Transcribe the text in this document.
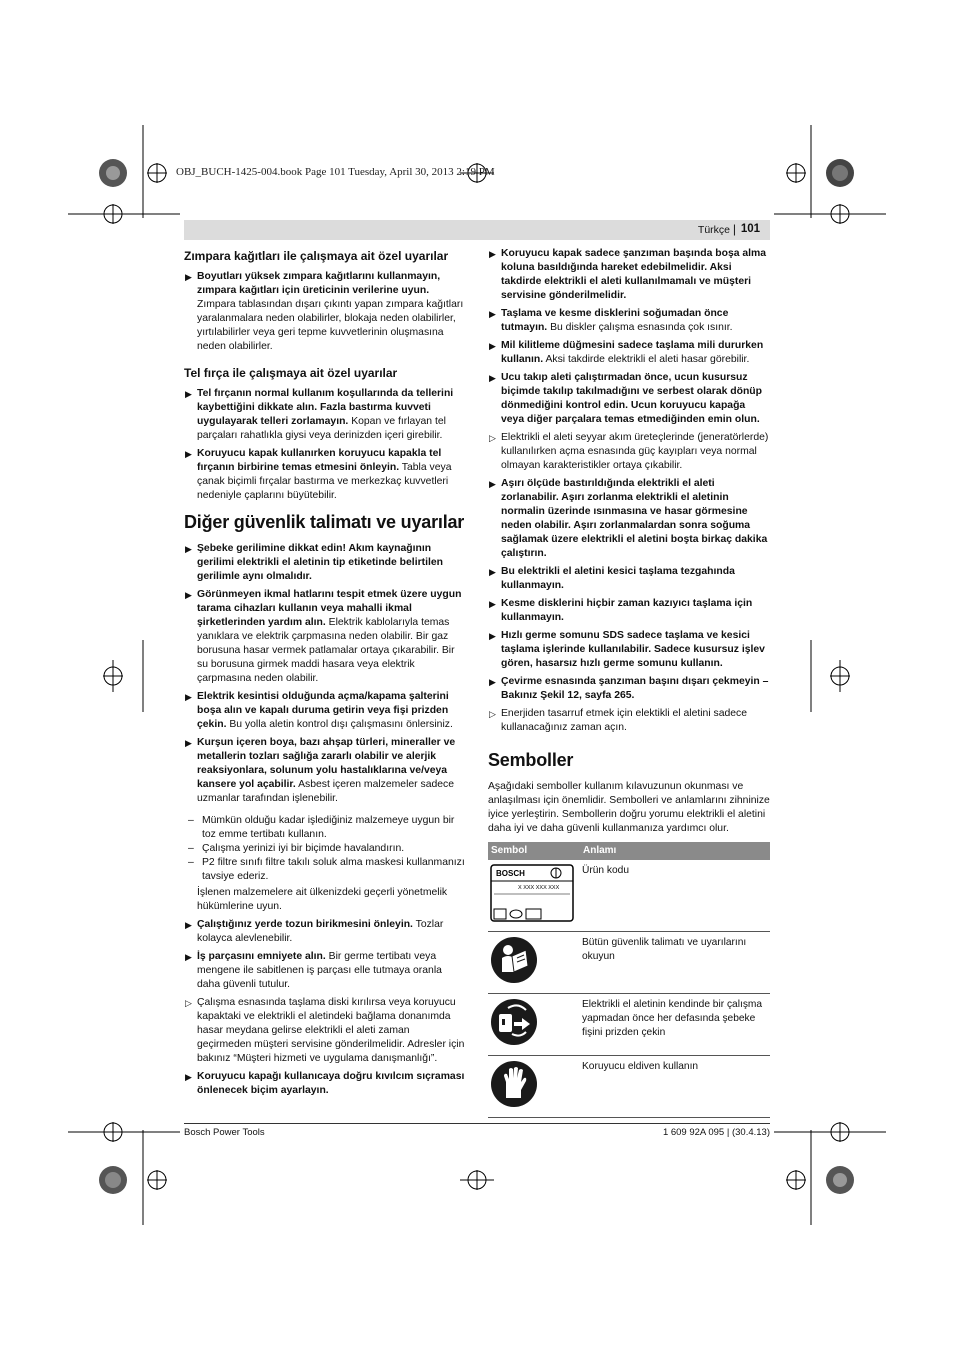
OBJ_BUCH-1425-004.book Page 101 Tuesday, April 30, 2013 2:19 PM
Türkçe | 101

Zımpara kağıtları ile çalışmaya ait özel uyarılar

▶ Boyutları yüksek zımpara kağıtlarını kullanmayın, zımpara kağıtları için üreticinin verilerine uyun. Zımpara tablasından dışarı çıkıntı yapan zımpara kağıtları yaralanmalara neden olabilirler, blokaja neden olabilirler, yırtılabilirler veya geri tepme kuvvetlerinin oluşmasına neden olabilirler.

Tel fırça ile çalışmaya ait özel uyarılar

▶ Tel fırçanın normal kullanım koşullarında da tellerini kaybettiğini dikkate alın. Fazla bastırma kuvveti uygulayarak telleri zorlamayın. Kopan ve fırlayan tel parçaları rahatlıkla giysi veya derinizden içeri girebilir.

▶ Koruyucu kapak kullanırken koruyucu kapakla tel fırçanın birbirine temas etmesini önleyin. Tabla veya çanak biçimli fırçalar bastırma ve merkezkaç kuvvetleri nedeniyle çaplarını büyütebilir.

Diğer güvenlik talimatı ve uyarılar

▶ Şebeke gerilimine dikkat edin! Akım kaynağının gerilimi elektrikli el aletinin tip etiketinde belirtilen gerilimle aynı olmalıdır.

▶ Görünmeyen ikmal hatlarını tespit etmek üzere uygun tarama cihazları kullanın veya mahalli ikmal şirketlerinden yardım alın. Elektrik kablolarıyla temas yanıklara ve elektrik çarpmasına neden olabilir. Bir gaz borusuna hasar vermek patlamalar ortaya çıkarabilir. Bir su borusuna girmek maddi hasara veya elektrik çarpmasına neden olabilir.

▶ Elektrik kesintisi olduğunda açma/kapama şalterini boşa alın ve kapalı duruma getirin veya fişi prizden çekin. Bu yolla aletin kontrol dışı çalışmasını önlersiniz.

▶ Kurşun içeren boya, bazı ahşap türleri, mineraller ve metallerin tozları sağlığa zararlı olabilir ve alerjik reaksiyonlara, solunum yolu hastalıklarına ve/veya kansere yol açabilir. Asbest içeren malzemeler sadece uzmanlar tarafından işlenebilir.

– Mümkün olduğu kadar işlediğiniz malzemeye uygun bir toz emme tertibatı kullanın.

– Çalışma yerinizi iyi bir biçimde havalandırın.

– P2 filtre sınıfı filtre takılı soluk alma maskesi kullanmanızı tavsiye ederiz.

İşlenen malzemelere ait ülkenizdeki geçerli yönetmelik hükümlerine uyun.

▶ Çalıştığınız yerde tozun birikmesini önleyin. Tozlar kolayca alevlenebilir.

▶ İş parçasını emniyete alın. Bir germe tertibatı veya mengene ile sabitlenen iş parçası elle tutmaya oranla daha güvenli tutulur.

▷ Çalışma esnasında taşlama diski kırılırsa veya koruyucu kapaktaki ve elektrikli el aletindeki bağlama donanımda hasar meydana gelirse elektrikli el aleti zaman geçirmeden müşteri servisine gönderilmelidir. Adresler için bakınız “Müşteri hizmeti ve uygulama danışmanlığı”.

▶ Koruyucu kapağı kullanıcaya doğru kıvılcım sıçraması önlenecek biçim ayarlayın.

▶ Koruyucu kapak sadece şanzıman başında boşa alma koluna basıldığında hareket edebilmelidir. Aksi takdirde elektrikli el aleti kullanılmamalı ve müşteri servisine gönderilmelidir.

▶ Taşlama ve kesme disklerini soğumadan önce tutmayın. Bu diskler çalışma esnasında çok ısınır.

▶ Mil kilitleme düğmesini sadece taşlama mili dururken kullanın. Aksi takdirde elektrikli el aleti hasar görebilir.

▶ Ucu takıp aleti çalıştırmadan önce, ucun kusursuz biçimde takılıp takılmadığını ve serbest olarak dönüp dönmediğini kontrol edin. Ucun koruyucu kapağa veya diğer parçalara temas etmediğinden emin olun.

▷ Elektrikli el aleti seyyar akım üreteçlerinde (jeneratörlerde) kullanılırken açma esnasında güç kayıpları veya normal olmayan karakteristikler ortaya çıkabilir.

▶ Aşırı ölçüde bastırıldığında elektrikli el aleti zorlanabilir. Aşırı zorlanma elektrikli el aletinin normalin üzerinde ısınmasına ve hasar görmesine neden olabilir. Aşırı zorlanmalardan sonra soğuma sağlamak üzere elektrikli el aletini boşta birkaç dakika çalıştırın.

▶ Bu elektrikli el aletini kesici taşlama tezgahında kullanmayın.

▶ Kesme disklerini hiçbir zaman kazıyıcı taşlama için kullanmayın.

▶ Hızlı germe somunu SDS sadece taşlama ve kesici taşlama işlerinde kullanılabilir. Sadece kusursuz işlev gören, hasarsız hızlı germe somunu kullanın.

▶ Çevirme esnasında şanzıman başını dışarı çekmeyin – Bakınız Şekil 12, sayfa 265.

▷ Enerjiden tasarruf etmek için elektikli el aletini sadece kullanacağınız zaman açın.

Semboller

Aşağıdaki semboller kullanım kılavuzunun okunması ve anlaşılması için önemlidir. Sembolleri ve anlamlarını zihninize iyice yerleştirin. Sembollerin doğru yorumu elektrikli el aletini daha iyi ve daha güvenli kullanmanıza yardımcı olur.

Sembol	Anlamı

BOSCH
X XXX XXX XXX	Ürün kodu
	Bütün güvenlik talimatı ve uyarılarını okuyun
	Elektrikli el aletinin kendinde bir çalışma yapmadan önce her defasında şebeke fişini prizden çekin
	Koruyucu eldiven kullanın
Bosch Power Tools	1 609 92A 095 | (30.4.13)
